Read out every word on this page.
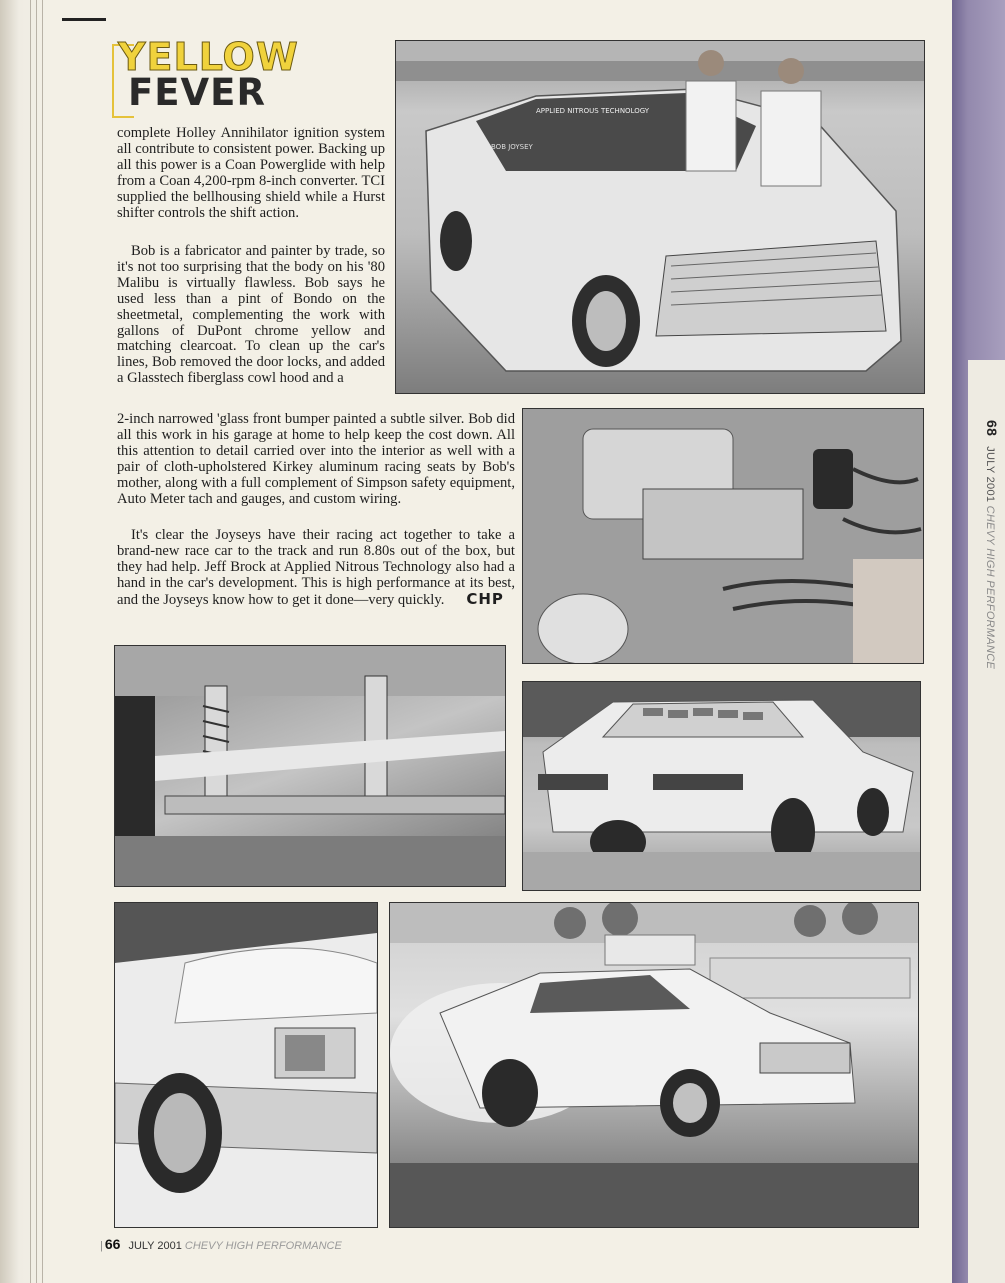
YELLOW
FEVER

complete Holley Annihilator ignition system all contribute to consistent power. Backing up all this power is a Coan Powerglide with help from a Coan 4,200-rpm 8-inch converter. TCI supplied the bellhousing shield while a Hurst shifter controls the shift action.

Bob is a fabricator and painter by trade, so it's not too surprising that the body on his '80 Malibu is virtually flawless. Bob says he used less than a pint of Bondo on the sheetmetal, complementing the work with gallons of DuPont chrome yellow and matching clearcoat. To clean up the car's lines, Bob removed the door locks, and added a Glasstech fiberglass cowl hood and a

2-inch narrowed 'glass front bumper painted a subtle silver. Bob did all this work in his garage at home to help keep the cost down. All this attention to detail carried over into the interior as well with a pair of cloth-upholstered Kirkey aluminum racing seats by Bob's mother, along with a full complement of Simpson safety equipment, Auto Meter tach and gauges, and custom wiring.

It's clear the Joyseys have their racing act together to take a brand-new race car to the track and run 8.80s out of the box, but they had help. Jeff Brock at Applied Nitrous Technology also had a hand in the car's development. This is high performance at its best, and the Joyseys know how to get it done—very quickly. CHP

APPLIED NITROUS TECHNOLOGY
BOB JOYSEY
| 66 JULY 2001 CHEVY HIGH PERFORMANCE
68JULY 2001 CHEVY HIGH PERFORMANCE
